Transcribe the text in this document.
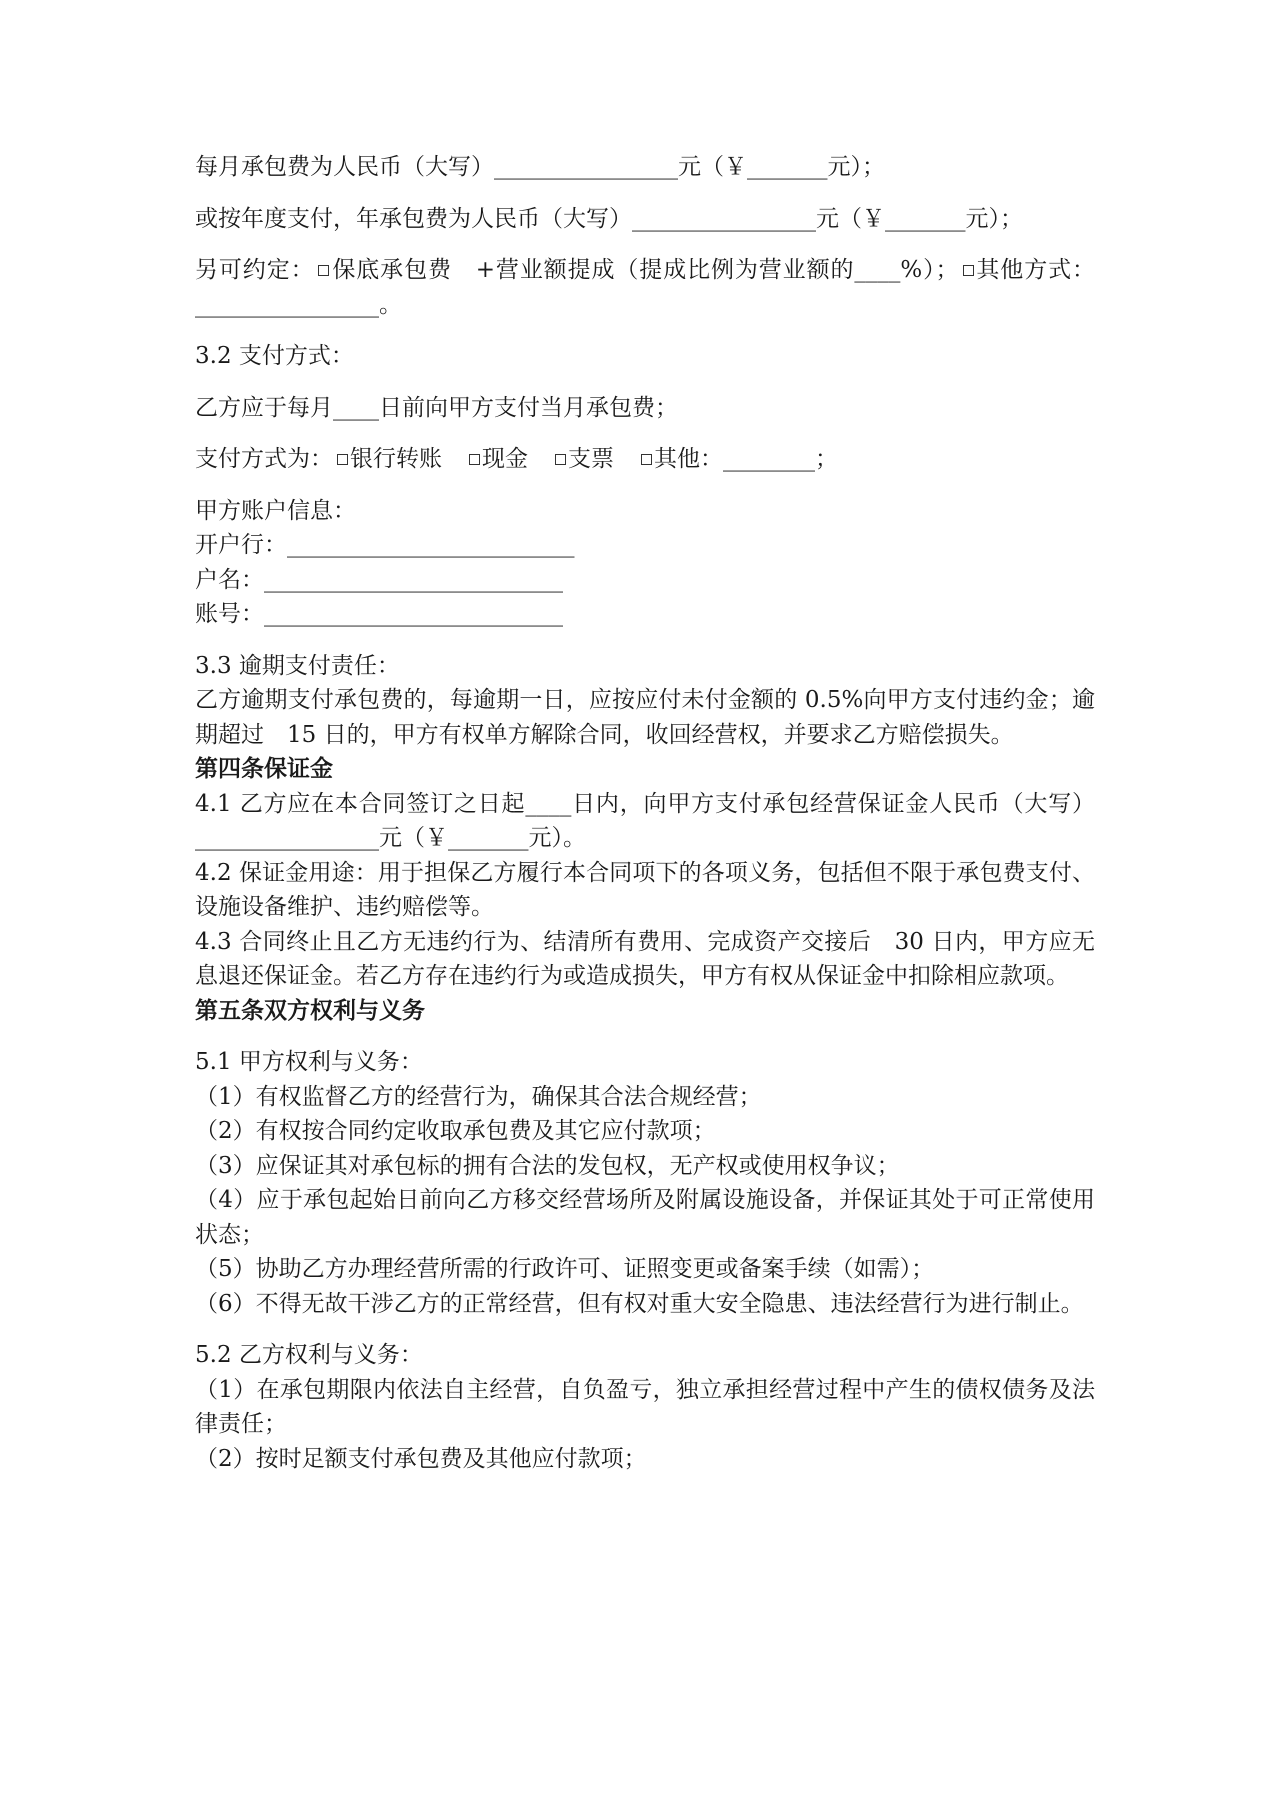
每月承包费为人民币（大写）________________元（￥_______元）；

或按年度支付，年承包费为人民币（大写）________________元（￥_______元）；

另可约定： 保底承包费　+营业额提成（提成比例为营业额的____%）； 其他方式：________________。

3.2 支付方式：

乙方应于每月____日前向甲方支付当月承包费；

支付方式为： 银行转账　现金　支票　其他：________；

甲方账户信息：

开户行：_________________________

户名：__________________________

账号：__________________________

3.3 逾期支付责任：

乙方逾期支付承包费的，每逾期一日，应按应付未付金额的 0.5%向甲方支付违约金；逾期超过　15 日的，甲方有权单方解除合同，收回经营权，并要求乙方赔偿损失。

第四条保证金

4.1 乙方应在本合同签订之日起____日内，向甲方支付承包经营保证金人民币（大写）________________元（￥_______元）。

4.2 保证金用途：用于担保乙方履行本合同项下的各项义务，包括但不限于承包费支付、设施设备维护、违约赔偿等。

4.3 合同终止且乙方无违约行为、结清所有费用、完成资产交接后　30 日内，甲方应无息退还保证金。若乙方存在违约行为或造成损失，甲方有权从保证金中扣除相应款项。

第五条双方权利与义务

5.1 甲方权利与义务：

（1）有权监督乙方的经营行为，确保其合法合规经营；

（2）有权按合同约定收取承包费及其它应付款项；

（3）应保证其对承包标的拥有合法的发包权，无产权或使用权争议；

（4）应于承包起始日前向乙方移交经营场所及附属设施设备，并保证其处于可正常使用状态；

（5）协助乙方办理经营所需的行政许可、证照变更或备案手续（如需）；

（6）不得无故干涉乙方的正常经营，但有权对重大安全隐患、违法经营行为进行制止。

5.2 乙方权利与义务：

（1）在承包期限内依法自主经营，自负盈亏，独立承担经营过程中产生的债权债务及法律责任；

（2）按时足额支付承包费及其他应付款项；
